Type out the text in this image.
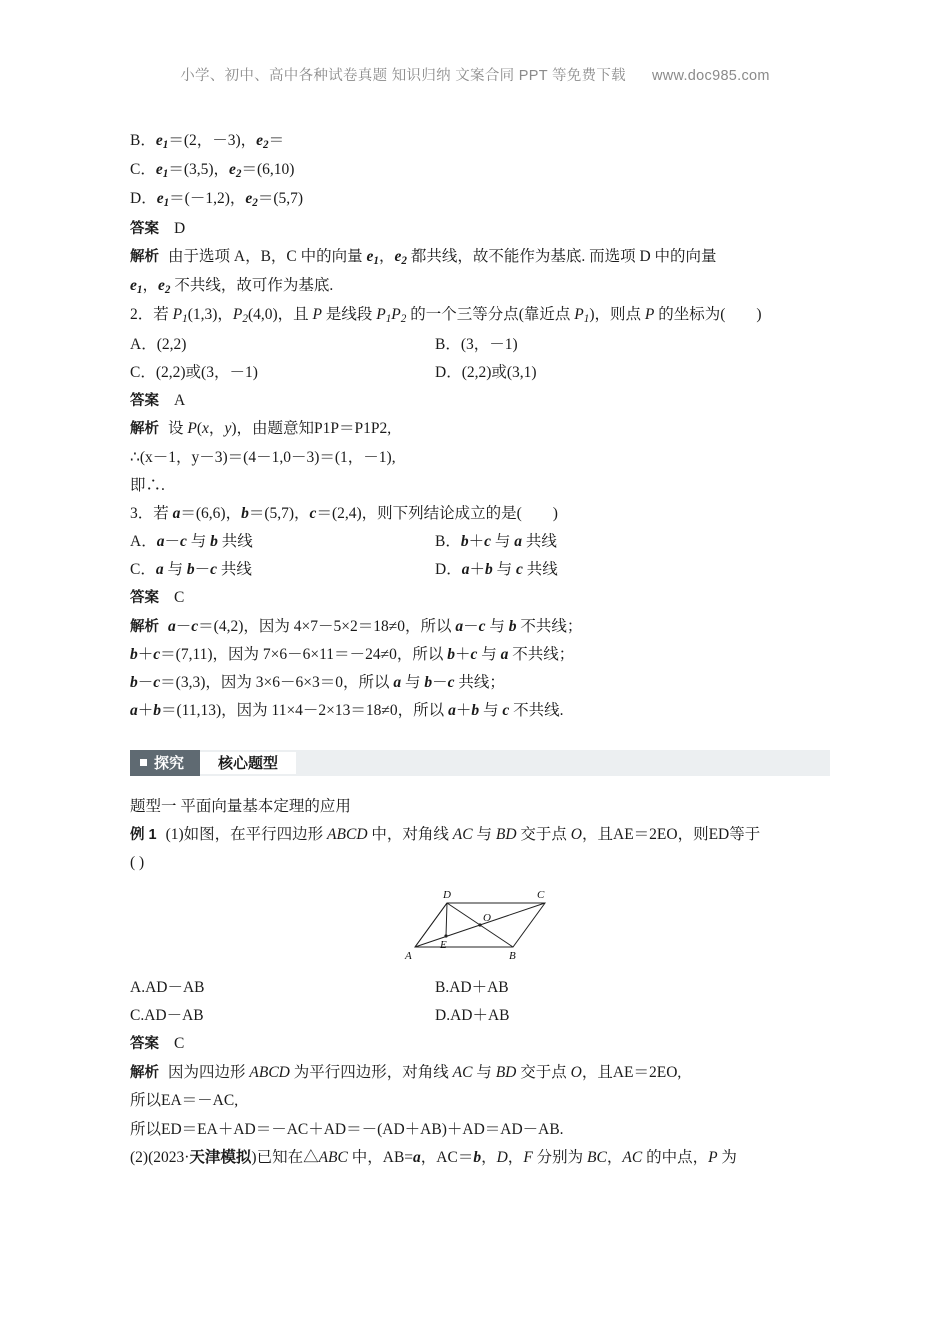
小学、初中、高中各种试卷真题 知识归纳 文案合同 PPT 等免费下载 www.doc985.com

B．$e_1=(2$，－3)，$e_2=$

C．$e_1=(3,5)$，$e_2=(6,10)$

D．$e_1=(-1,2)$，$e_2=(5,7)$

答案 D

解析 由于选项 A，B，C 中的向量 $e_1$，$e_2$ 都共线，故不能作为基底. 而选项 D 中的向量

$e_1$，$e_2$ 不共线，故可作为基底.

2．若 $P_1(1,3)$，$P_2(4,0)$，且 P 是线段 $P_1P_2$ 的一个三等分点(靠近点 $P_1$)，则点 P 的坐标为(　　)

A．(2,2)	B．(3，－1)
C．(2,2)或(3，－1)	D．(2,2)或(3,1)

答案 A

解析 设 P(x，y)，由题意知P1P＝P1P2,

∴(x－1，y－3)＝(4－1,0－3)＝(1，－1),

即∴.

3．若 a＝(6,6)，b＝(5,7)，c＝(2,4)，则下列结论成立的是(　　)

A．a－c 与 b 共线	B．b＋c 与 a 共线
C．a 与 b－c 共线	D．a＋b 与 c 共线

答案 C

解析 a－c＝(4,2)，因为 4×7－5×2＝18≠0，所以 a－c 与 b 不共线；

b＋c＝(7,11)，因为 7×6－6×11＝－24≠0，所以 b＋c 与 a 不共线；

b－c＝(3,3)，因为 3×6－6×3＝0，所以 a 与 b－c 共线；

a＋b＝(11,13)，因为 11×4－2×13＝18≠0，所以 a＋b 与 c 不共线.

探究	核心题型

题型一 平面向量基本定理的应用

例 1 (1)如图，在平行四边形 ABCD 中，对角线 AC 与 BD 交于点 O，且AE＝2EO，则ED等于

( )

D	C
A	B
O
E
A.AD－AB	B.AD＋AB
C.AD－AB	D.AD＋AB

答案 C

解析 因为四边形 ABCD 为平行四边形，对角线 AC 与 BD 交于点 O，且AE＝2EO,

所以EA＝－AC,

所以ED＝EA＋AD＝－AC＋AD＝－(AD＋AB)＋AD＝AD－AB.

(2)(2023·天津模拟)已知在△ABC 中，AB=a，AC＝b，D，F 分别为 BC，AC 的中点，P 为
